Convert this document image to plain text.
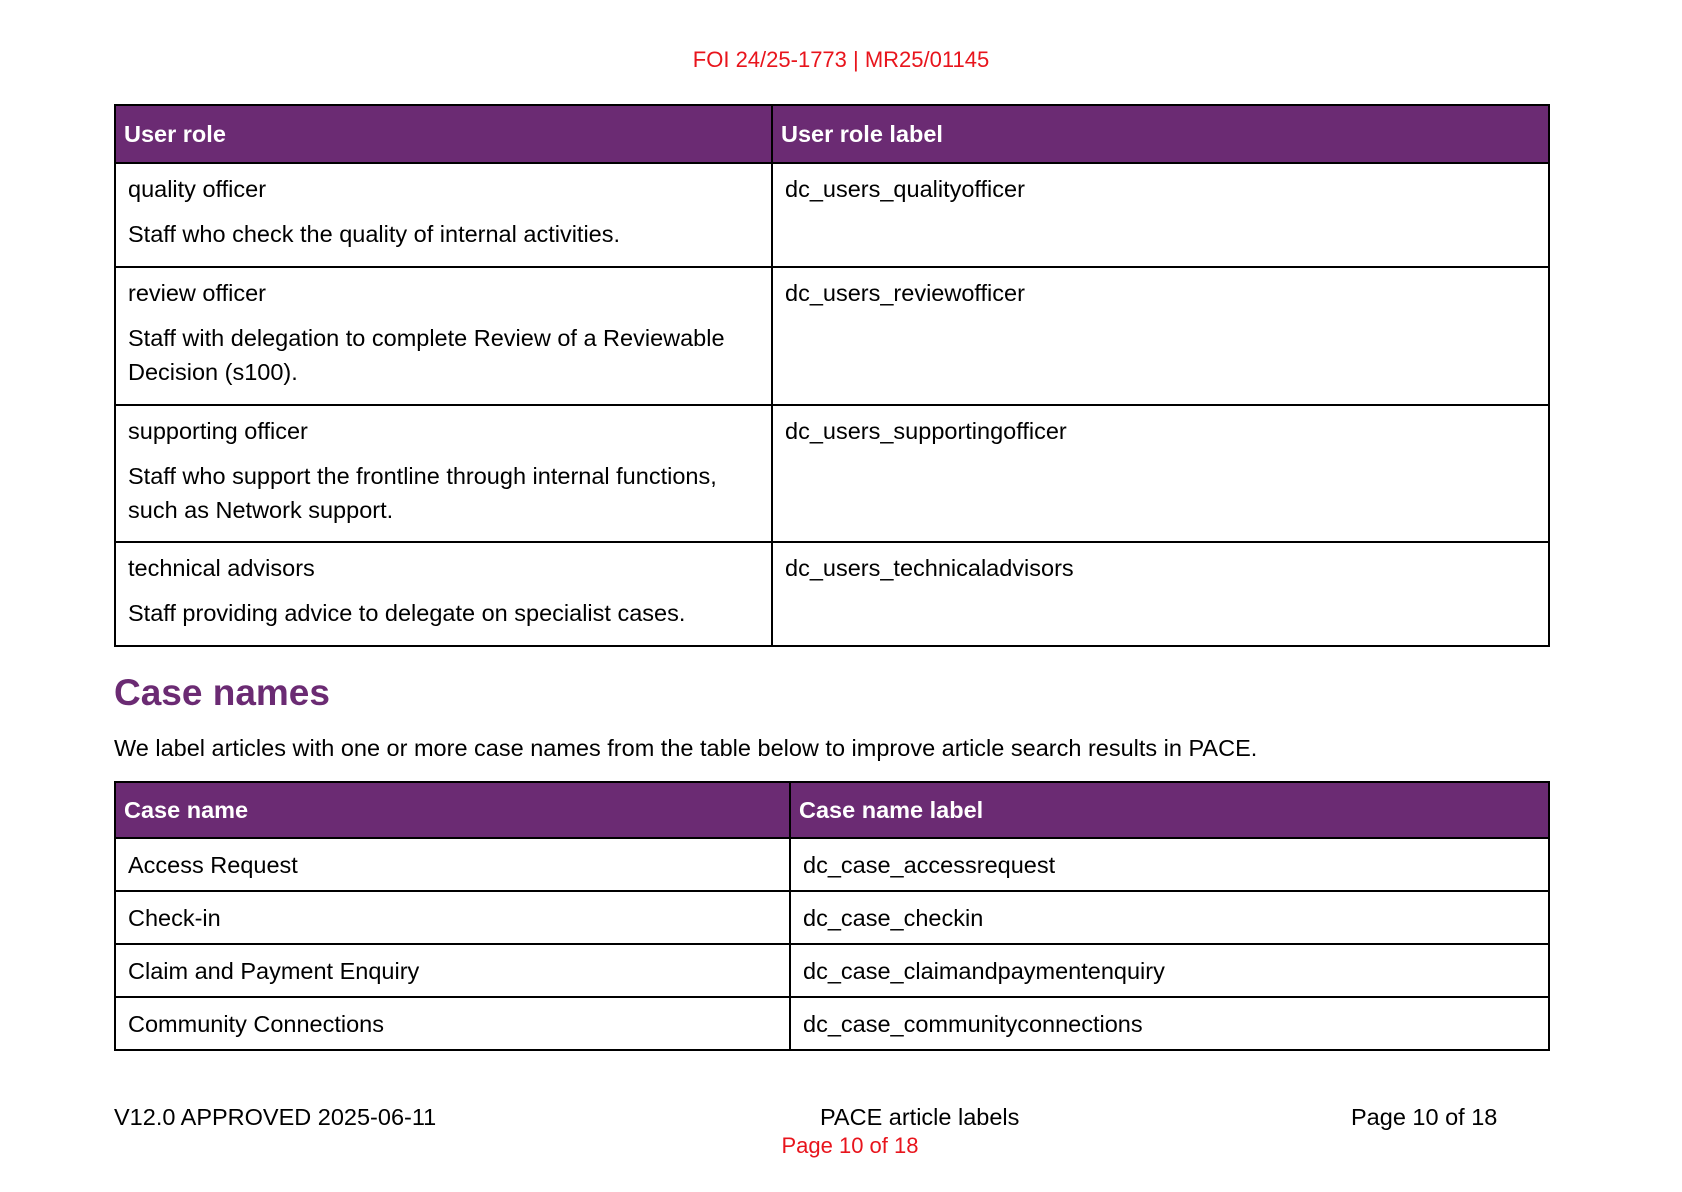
FOI 24/25-1773 | MR25/01145
User role	User role label

quality officer

Staff who check the quality of internal activities.	dc_users_qualityofficer

review officer

Staff with delegation to complete Review of a Reviewable Decision (s100).	dc_users_reviewofficer

supporting officer

Staff who support the frontline through internal functions, such as Network support.	dc_users_supportingofficer

technical advisors

Staff providing advice to delegate on specialist cases.	dc_users_technicaladvisors
Case names

We label articles with one or more case names from the table below to improve article search results in PACE.

Case name	Case name label
Access Request	dc_case_accessrequest
Check-in	dc_case_checkin
Claim and Payment Enquiry	dc_case_claimandpaymentenquiry
Community Connections	dc_case_communityconnections
V12.0 APPROVED 2025-06-11	PACE article labels	Page 10 of 18
Page 10 of 18
